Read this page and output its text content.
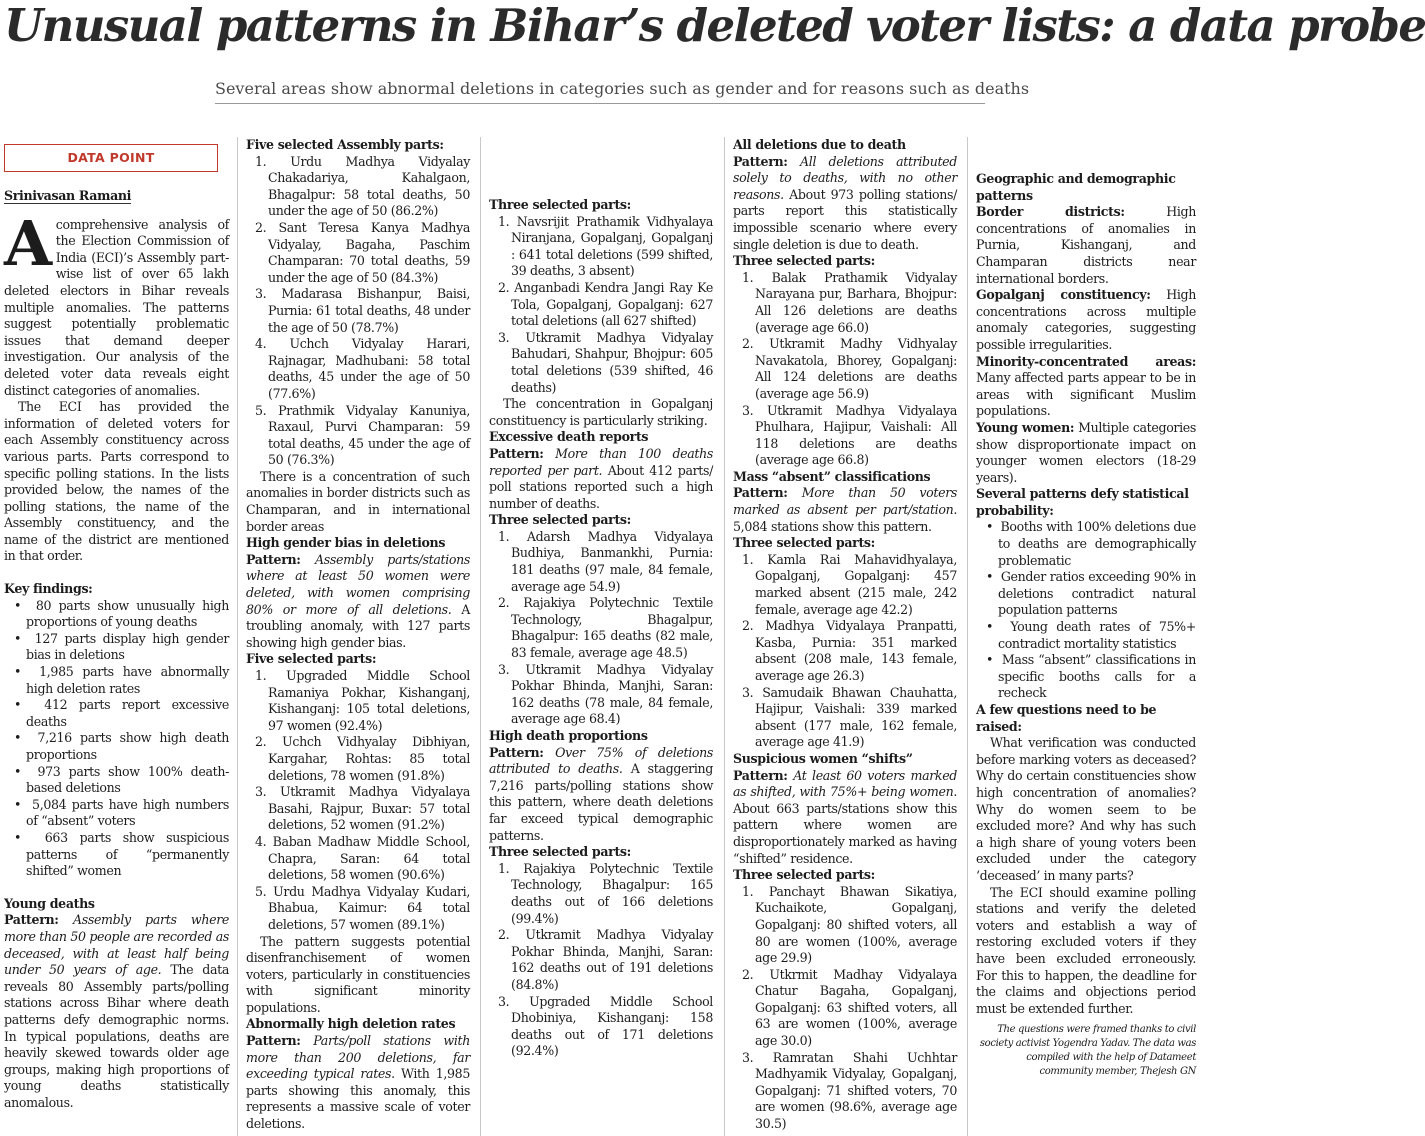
Unusual patterns in Bihar’s deleted voter lists: a data probe
Several areas show abnormal deletions in categories such as gender and for reasons such as deaths
DATA POINT

Srinivasan Ramani

Acomprehensive analysis of the Election Commission of India (ECI)’s Assembly part-wise list of over 65 lakh deleted electors in Bihar reveals multiple anomalies. The patterns suggest potentially problematic issues that demand deeper investigation. Our analysis of the deleted voter data reveals eight distinct categories of anomalies.

The ECI has provided the information of deleted voters for each Assembly constituency across various parts. Parts correspond to specific polling stations. In the lists provided below, the names of the polling stations, the name of the Assembly constituency, and the name of the district are mentioned in that order.

Key findings:

•  80 parts show unusually high proportions of young deaths

•  127 parts display high gender bias in deletions

•  1,985 parts have abnormally high deletion rates

•  412 parts report excessive deaths

•  7,216 parts show high death proportions

•  973 parts show 100% death-based deletions

•  5,084 parts have high numbers of “absent” voters

•  663 parts show suspicious patterns of “permanently shifted” women

Young deaths

Pattern: Assembly parts where more than 50 people are recorded as deceased, with at least half being under 50 years of age. The data reveals 80 Assembly parts/polling stations across Bihar where death patterns defy demographic norms. In typical populations, deaths are heavily skewed towards older age groups, making high proportions of young deaths statistically anomalous.

Five selected Assembly parts:

1. Urdu Madhya Vidyalay Chakadariya, Kahalgaon, Bhagalpur: 58 total deaths, 50 under the age of 50 (86.2%)

2. Sant Teresa Kanya Madhya Vidyalay, Bagaha, Paschim Champaran: 70 total deaths, 59 under the age of 50 (84.3%)

3. Madarasa Bishanpur, Baisi, Purnia: 61 total deaths, 48 under the age of 50 (78.7%)

4. Uchch Vidyalay Harari, Rajnagar, Madhubani: 58 total deaths, 45 under the age of 50 (77.6%)

5. Prathmik Vidyalay Kanuniya, Raxaul, Purvi Champaran: 59 total deaths, 45 under the age of 50 (76.3%)

There is a concentration of such anomalies in border districts such as Champaran, and in international border areas

High gender bias in deletions

Pattern: Assembly parts/stations where at least 50 women were deleted, with women comprising 80% or more of all deletions. A troubling anomaly, with 127 parts showing high gender bias.

Five selected parts:

1. Upgraded Middle School Ramaniya Pokhar, Kishanganj, Kishanganj: 105 total deletions, 97 women (92.4%)

2. Uchch Vidhyalay Dibhiyan, Kargahar, Rohtas: 85 total deletions, 78 women (91.8%)

3. Utkramit Madhya Vidyalaya Basahi, Rajpur, Buxar: 57 total deletions, 52 women (91.2%)

4. Baban Madhaw Middle School, Chapra, Saran: 64 total deletions, 58 women (90.6%)

5. Urdu Madhya Vidyalay Kudari, Bhabua, Kaimur: 64 total deletions, 57 women (89.1%)

The pattern suggests potential disenfranchisement of women voters, particularly in constituencies with significant minority populations.

Abnormally high deletion rates

Pattern: Parts/poll stations with more than 200 deletions, far exceeding typical rates. With 1,985 parts showing this anomaly, this represents a massive scale of voter deletions.

Three selected parts:

1. Navsrijit Prathamik Vidhyalaya Niranjana, Gopalganj, Gopalganj : 641 total deletions (599 shifted, 39 deaths, 3 absent)

2. Anganbadi Kendra Jangi Ray Ke Tola, Gopalganj, Gopalganj: 627 total deletions (all 627 shifted)

3. Utkramit Madhya Vidyalay Bahudari, Shahpur, Bhojpur: 605 total deletions (539 shifted, 46 deaths)

The concentration in Gopalganj constituency is particularly striking.

Excessive death reports

Pattern: More than 100 deaths reported per part. About 412 parts/ poll stations reported such a high number of deaths.

Three selected parts:

1. Adarsh Madhya Vidyalaya Budhiya, Banmankhi, Purnia: 181 deaths (97 male, 84 female, average age 54.9)

2. Rajakiya Polytechnic Textile Technology, Bhagalpur, Bhagalpur: 165 deaths (82 male, 83 female, average age 48.5)

3. Utkramit Madhya Vidyalay Pokhar Bhinda, Manjhi, Saran: 162 deaths (78 male, 84 female, average age 68.4)

High death proportions

Pattern: Over 75% of deletions attributed to deaths. A staggering 7,216 parts/polling stations show this pattern, where death deletions far exceed typical demographic patterns.

Three selected parts:

1. Rajakiya Polytechnic Textile Technology, Bhagalpur: 165 deaths out of 166 deletions (99.4%)

2. Utkramit Madhya Vidyalay Pokhar Bhinda, Manjhi, Saran: 162 deaths out of 191 deletions (84.8%)

3. Upgraded Middle School Dhobiniya, Kishanganj: 158 deaths out of 171 deletions (92.4%)

All deletions due to death

Pattern: All deletions attributed solely to deaths, with no other reasons. About 973 polling stations/ parts report this statistically impossible scenario where every single deletion is due to death.

Three selected parts:

1. Balak Prathamik Vidyalay Narayana pur, Barhara, Bhojpur: All 126 deletions are deaths (average age 66.0)

2. Utkramit Madhy Vidhyalay Navakatola, Bhorey, Gopalganj: All 124 deletions are deaths (average age 56.9)

3. Utkramit Madhya Vidyalaya Phulhara, Hajipur, Vaishali: All 118 deletions are deaths (average age 66.8)

Mass “absent” classifications

Pattern: More than 50 voters marked as absent per part/station. 5,084 stations show this pattern.

Three selected parts:

1. Kamla Rai Mahavidhyalaya, Gopalganj, Gopalganj: 457 marked absent (215 male, 242 female, average age 42.2)

2. Madhya Vidyalaya Pranpatti, Kasba, Purnia: 351 marked absent (208 male, 143 female, average age 26.3)

3. Samudaik Bhawan Chauhatta, Hajipur, Vaishali: 339 marked absent (177 male, 162 female, average age 41.9)

Suspicious women “shifts”

Pattern: At least 60 voters marked as shifted, with 75%+ being women. About 663 parts/stations show this pattern where women are disproportionately marked as having “shifted” residence.

Three selected parts:

1. Panchayt Bhawan Sikatiya, Kuchaikote, Gopalganj, Gopalganj: 80 shifted voters, all 80 are women (100%, average age 29.9)

2. Utkrmit Madhay Vidyalaya Chatur Bagaha, Gopalganj, Gopalganj: 63 shifted voters, all 63 are women (100%, average age 30.0)

3. Ramratan Shahi Uchhtar Madhyamik Vidyalay, Gopalganj, Gopalganj: 71 shifted voters, 70 are women (98.6%, average age 30.5)

Geographic and demographic patterns

Border districts:	High concentrations of anomalies in Purnia, Kishanganj, and Champaran districts near international borders.

Gopalganj constituency: High concentrations across multiple anomaly categories, suggesting possible irregularities.

Minority-concentrated areas: Many affected parts appear to be in areas with significant Muslim populations.

Young women: Multiple categories show disproportionate impact on younger women electors (18-29 years).

Several patterns defy statistical probability:

•  Booths with 100% deletions due to deaths are demographically problematic

•  Gender ratios exceeding 90% in deletions contradict natural population patterns

•  Young death rates of 75%+ contradict mortality statistics

•  Mass “absent” classifications in specific booths calls for a recheck

A few questions need to be raised:

What verification was conducted before marking voters as deceased? Why do certain constituencies show high concentration of anomalies? Why do women seem to be excluded more? And why has such a high share of young voters been excluded under the category ‘deceased’ in many parts?

The ECI should examine polling stations and verify the deleted voters and establish a way of restoring excluded voters if they have been excluded erroneously. For this to happen, the deadline for the claims and objections period must be extended further.

The questions were framed thanks to civil society activist Yogendra Yadav. The data was compiled with the help of Datameet community member, Thejesh GN
